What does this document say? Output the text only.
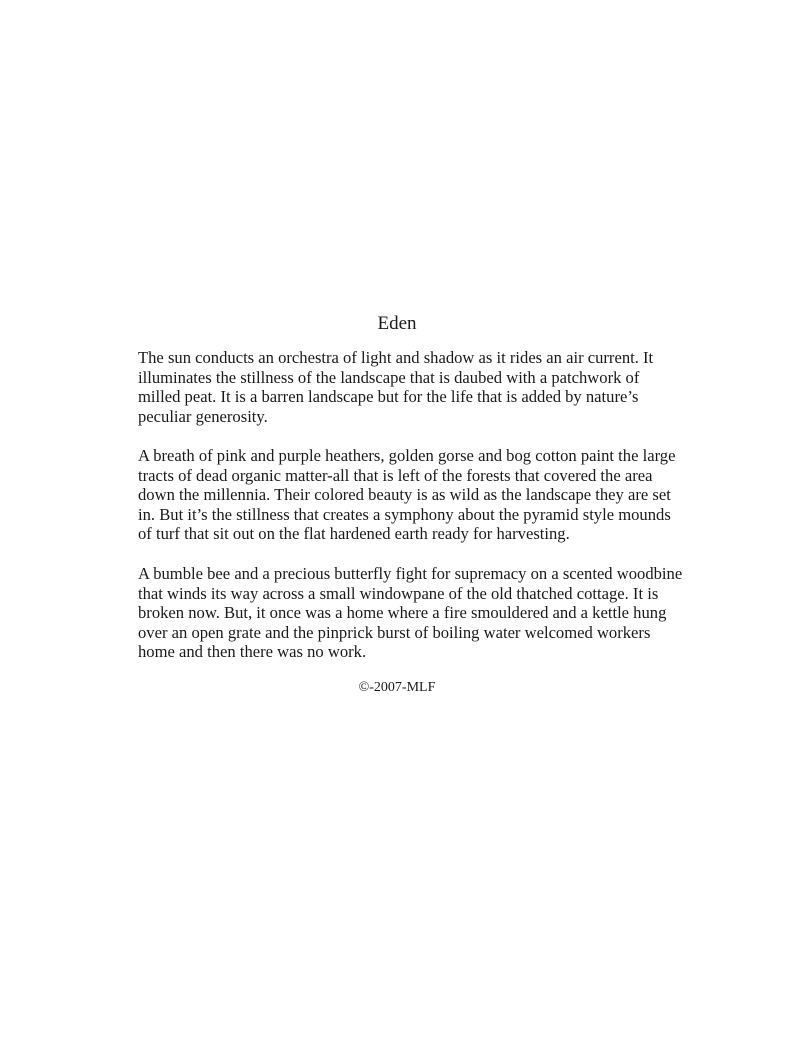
Eden

The sun conducts an orchestra of light and shadow as it rides an air current. It
illuminates the stillness of the landscape that is daubed with a patchwork of
milled peat. It is a barren landscape but for the life that is added by nature’s
peculiar generosity.

A breath of pink and purple heathers, golden gorse and bog cotton paint the large
tracts of dead organic matter-all that is left of the forests that covered the area
down the millennia. Their colored beauty is as wild as the landscape they are set
in. But it’s the stillness that creates a symphony about the pyramid style mounds
of turf that sit out on the flat hardened earth ready for harvesting.

A bumble bee and a precious butterfly fight for supremacy on a scented woodbine
that winds its way across a small windowpane of the old thatched cottage. It is
broken now. But, it once was a home where a fire smouldered and a kettle hung
over an open grate and the pinprick burst of boiling water welcomed workers
home and then there was no work.

©-2007-MLF
